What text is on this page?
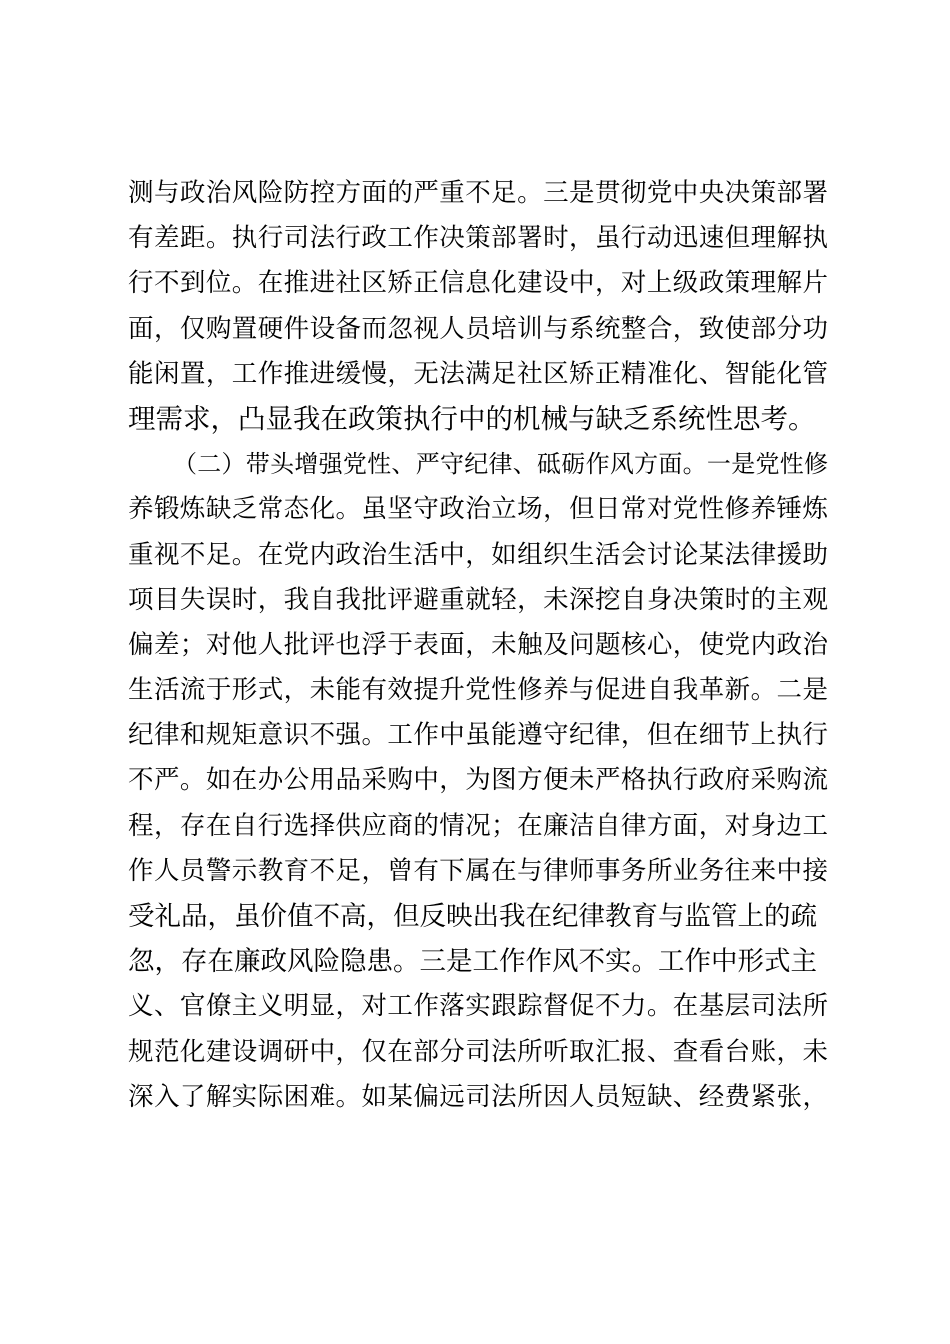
测与政治风险防控方面的严重不足。三是贯彻党中央决策部署
有差距。执行司法行政工作决策部署时，虽行动迅速但理解执
行不到位。在推进社区矫正信息化建设中，对上级政策理解片
面，仅购置硬件设备而忽视人员培训与系统整合，致使部分功
能闲置，工作推进缓慢，无法满足社区矫正精准化、智能化管
理需求，凸显我在政策执行中的机械与缺乏系统性思考。
（二）带头增强党性、严守纪律、砥砺作风方面。一是党性修
养锻炼缺乏常态化。虽坚守政治立场，但日常对党性修养锤炼
重视不足。在党内政治生活中，如组织生活会讨论某法律援助
项目失误时，我自我批评避重就轻，未深挖自身决策时的主观
偏差；对他人批评也浮于表面，未触及问题核心，使党内政治
生活流于形式，未能有效提升党性修养与促进自我革新。二是
纪律和规矩意识不强。工作中虽能遵守纪律，但在细节上执行
不严。如在办公用品采购中，为图方便未严格执行政府采购流
程，存在自行选择供应商的情况；在廉洁自律方面，对身边工
作人员警示教育不足，曾有下属在与律师事务所业务往来中接
受礼品，虽价值不高，但反映出我在纪律教育与监管上的疏
忽，存在廉政风险隐患。三是工作作风不实。工作中形式主
义、官僚主义明显，对工作落实跟踪督促不力。在基层司法所
规范化建设调研中，仅在部分司法所听取汇报、查看台账，未
深入了解实际困难。如某偏远司法所因人员短缺、经费紧张，
